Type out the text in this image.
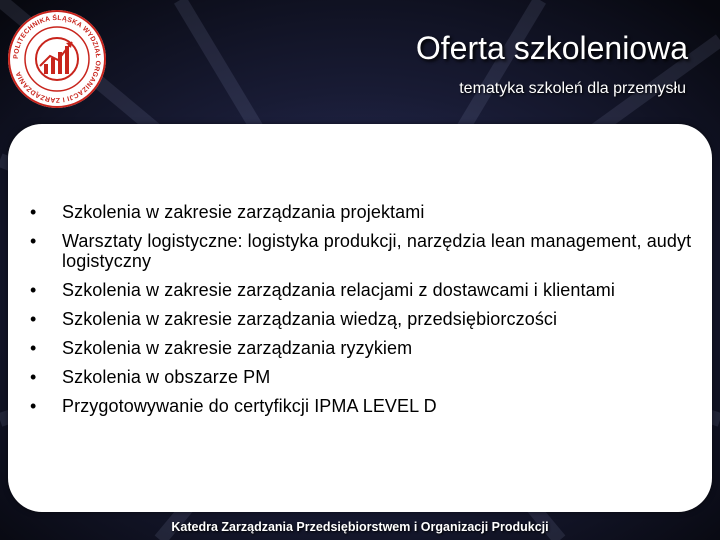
POLITECHNIKA ŚLĄSKA WYDZIAŁ ORGANIZACJI I ZARZĄDZANIA
Oferta szkoleniowa
tematyka szkoleń dla przemysłu
• Szkolenia w zakresie zarządzania projektami
• Warsztaty logistyczne: logistyka produkcji, narzędzia lean management, audyt logistyczny
• Szkolenia w zakresie zarządzania relacjami z dostawcami i klientami
• Szkolenia w zakresie zarządzania wiedzą, przedsiębiorczości
• Szkolenia w zakresie zarządzania ryzykiem
• Szkolenia w obszarze PM
• Przygotowywanie do certyfikcji IPMA LEVEL D
Katedra Zarządzania Przedsiębiorstwem i Organizacji Produkcji
